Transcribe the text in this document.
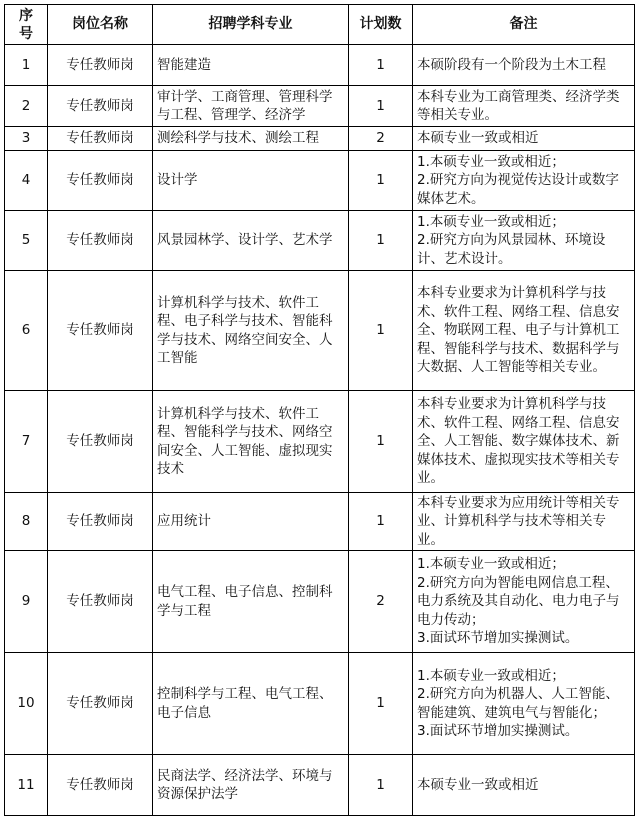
序号	岗位名称	招聘学科专业	计划数	备注
1	专任教师岗	智能建造	1	本硕阶段有一个阶段为土木工程
2	专任教师岗	审计学、工商管理、管理科学与工程、管理学、经济学	1	本科专业为工商管理类、经济学类等相关专业。
3	专任教师岗	测绘科学与技术、测绘工程	2	本硕专业一致或相近
4	专任教师岗	设计学	1	1.本硕专业一致或相近；
2.研究方向为视觉传达设计或数字媒体艺术。

5	专任教师岗	风景园林学、设计学、艺术学	1	1.本硕专业一致或相近；
2.研究方向为风景园林、环境设计、艺术设计。

6	专任教师岗	计算机科学与技术、软件工程、电子科学与技术、智能科学与技术、网络空间安全、人工智能	1	本科专业要求为计算机科学与技术、软件工程、网络工程、信息安全、物联网工程、电子与计算机工程、智能科学与技术、数据科学与大数据、人工智能等相关专业。
7	专任教师岗	计算机科学与技术、软件工程、智能科学与技术、网络空间安全、人工智能、虚拟现实技术	1	本科专业要求为计算机科学与技术、软件工程、网络工程、信息安全、人工智能、数字媒体技术、新媒体技术、虚拟现实技术等相关专业。
8	专任教师岗	应用统计	1	本科专业要求为应用统计等相关专业、计算机科学与技术等相关专业。
9	专任教师岗	电气工程、电子信息、控制科学与工程	2	1.本硕专业一致或相近；
2.研究方向为智能电网信息工程、电力系统及其自动化、电力电子与电力传动；
3.面试环节增加实操测试。

10	专任教师岗	控制科学与工程、电气工程、电子信息	1	1.本硕专业一致或相近；
2.研究方向为机器人、人工智能、智能建筑、建筑电气与智能化；
3.面试环节增加实操测试。

11	专任教师岗	民商法学、经济法学、环境与资源保护法学	1	本硕专业一致或相近
